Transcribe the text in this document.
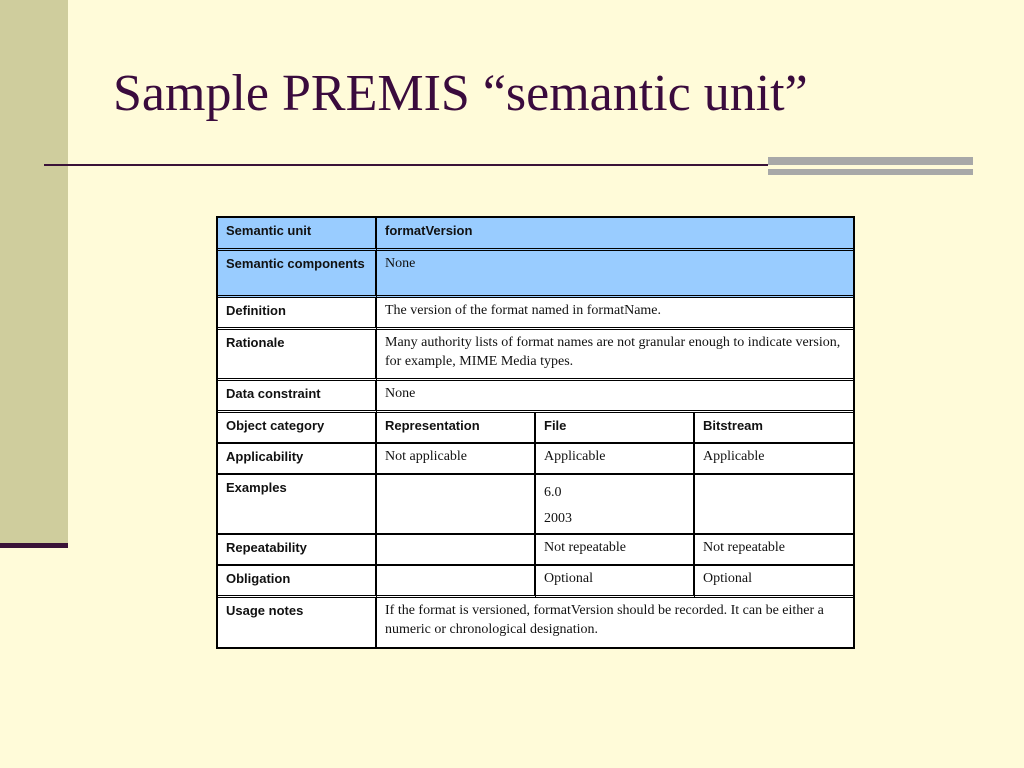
Sample PREMIS “semantic unit”
Semantic unit	formatVersion		
Semantic components	None		
Definition	The version of the format named in formatName.		
Rationale	Many authority lists of format names are not granular enough to indicate version, for example, MIME Media types.		
Data constraint	None		
Object category	Representation	File	Bitstream
Applicability	Not applicable	Applicable	Applicable
Examples		6.0
2003	

Repeatability		Not repeatable	Not repeatable
Obligation		Optional	Optional
Usage notes	If the format is versioned, formatVersion should be recorded. It can be either a numeric or chronological designation.		
